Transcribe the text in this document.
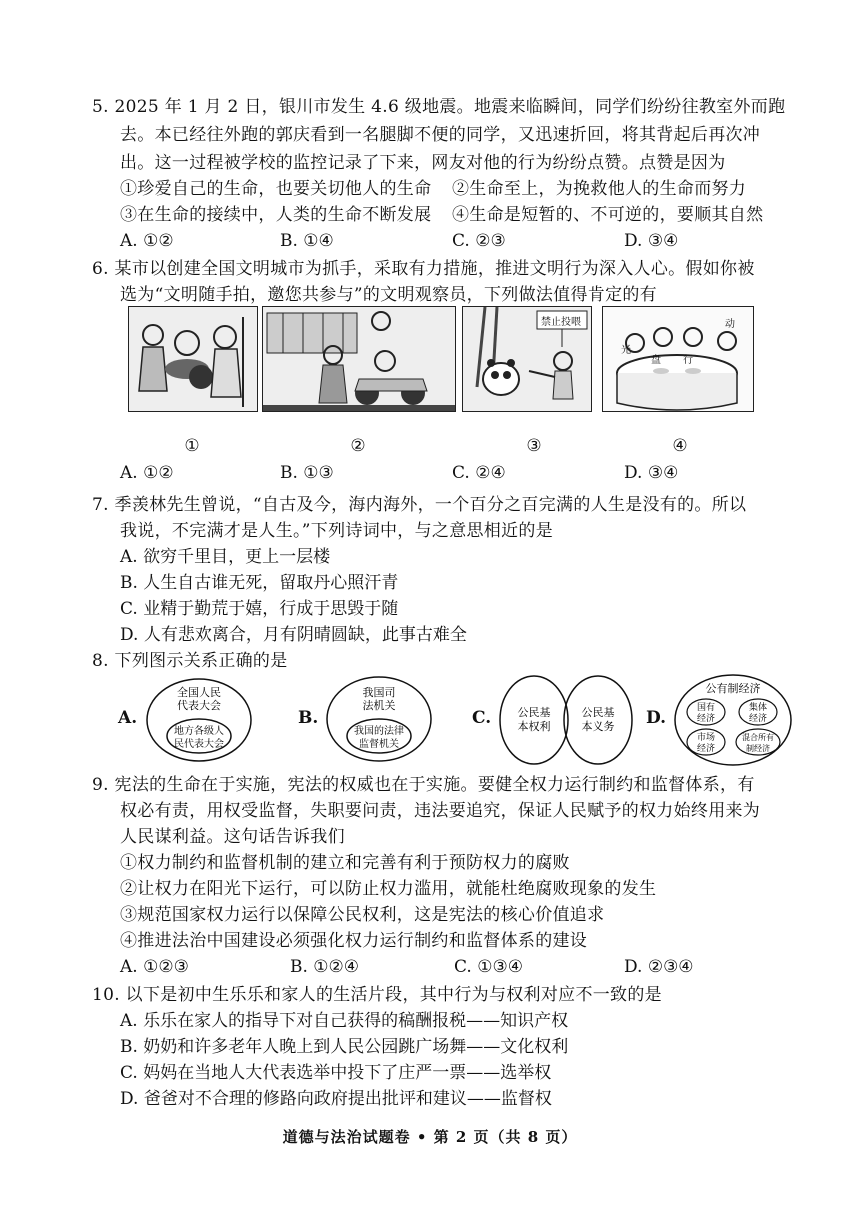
5. 2025 年 1 月 2 日，银川市发生 4.6 级地震。地震来临瞬间，同学们纷纷往教室外而跑
去。本已经往外跑的郭庆看到一名腿脚不便的同学，又迅速折回，将其背起后再次冲
出。这一过程被学校的监控记录了下来，网友对他的行为纷纷点赞。点赞是因为
①珍爱自己的生命，也要关切他人的生命 ②生命至上，为挽救他人的生命而努力
③在生命的接续中，人类的生命不断发展 ④生命是短暂的、不可逆的，要顺其自然
A. ①②	B. ①④	C. ②③	D. ③④
6. 某市以创建全国文明城市为抓手，采取有力措施，推进文明行为深入人心。假如你被
选为“文明随手拍，邀您共参与”的文明观察员，下列做法值得肯定的有
禁止投喂
光
盘 行
动
①	②	③	④
A. ①②	B. ①③	C. ②④	D. ③④
7. 季羡林先生曾说，“自古及今，海内海外，一个百分之百完满的人生是没有的。所以
我说，不完满才是人生。”下列诗词中，与之意思相近的是
A. 欲穷千里目，更上一层楼
B. 人生自古谁无死，留取丹心照汗青
C. 业精于勤荒于嬉，行成于思毁于随
D. 人有悲欢离合，月有阴晴圆缺，此事古难全
8. 下列图示关系正确的是
A.
全国人民
代表大会
地方各级人
民代表大会
B.
我国司
法机关
我国的法律
监督机关
C. 公民基
本权利
公民基
本义务 D.
公有制经济
国有
经济
集体
经济
市场
经济
混合所有
制经济
9. 宪法的生命在于实施，宪法的权威也在于实施。要健全权力运行制约和监督体系，有
权必有责，用权受监督，失职要问责，违法要追究，保证人民赋予的权力始终用来为
人民谋利益。这句话告诉我们
①权力制约和监督机制的建立和完善有利于预防权力的腐败
②让权力在阳光下运行，可以防止权力滥用，就能杜绝腐败现象的发生
③规范国家权力运行以保障公民权利，这是宪法的核心价值追求
④推进法治中国建设必须强化权力运行制约和监督体系的建设
A. ①②③	B. ①②④	C. ①③④	D. ②③④
10. 以下是初中生乐乐和家人的生活片段，其中行为与权利对应不一致的是
A. 乐乐在家人的指导下对自己获得的稿酬报税——知识产权
B. 奶奶和许多老年人晚上到人民公园跳广场舞——文化权利
C. 妈妈在当地人大代表选举中投下了庄严一票——选举权
D. 爸爸对不合理的修路向政府提出批评和建议——监督权
道德与法治试题卷 • 第 2 页（共 8 页）
